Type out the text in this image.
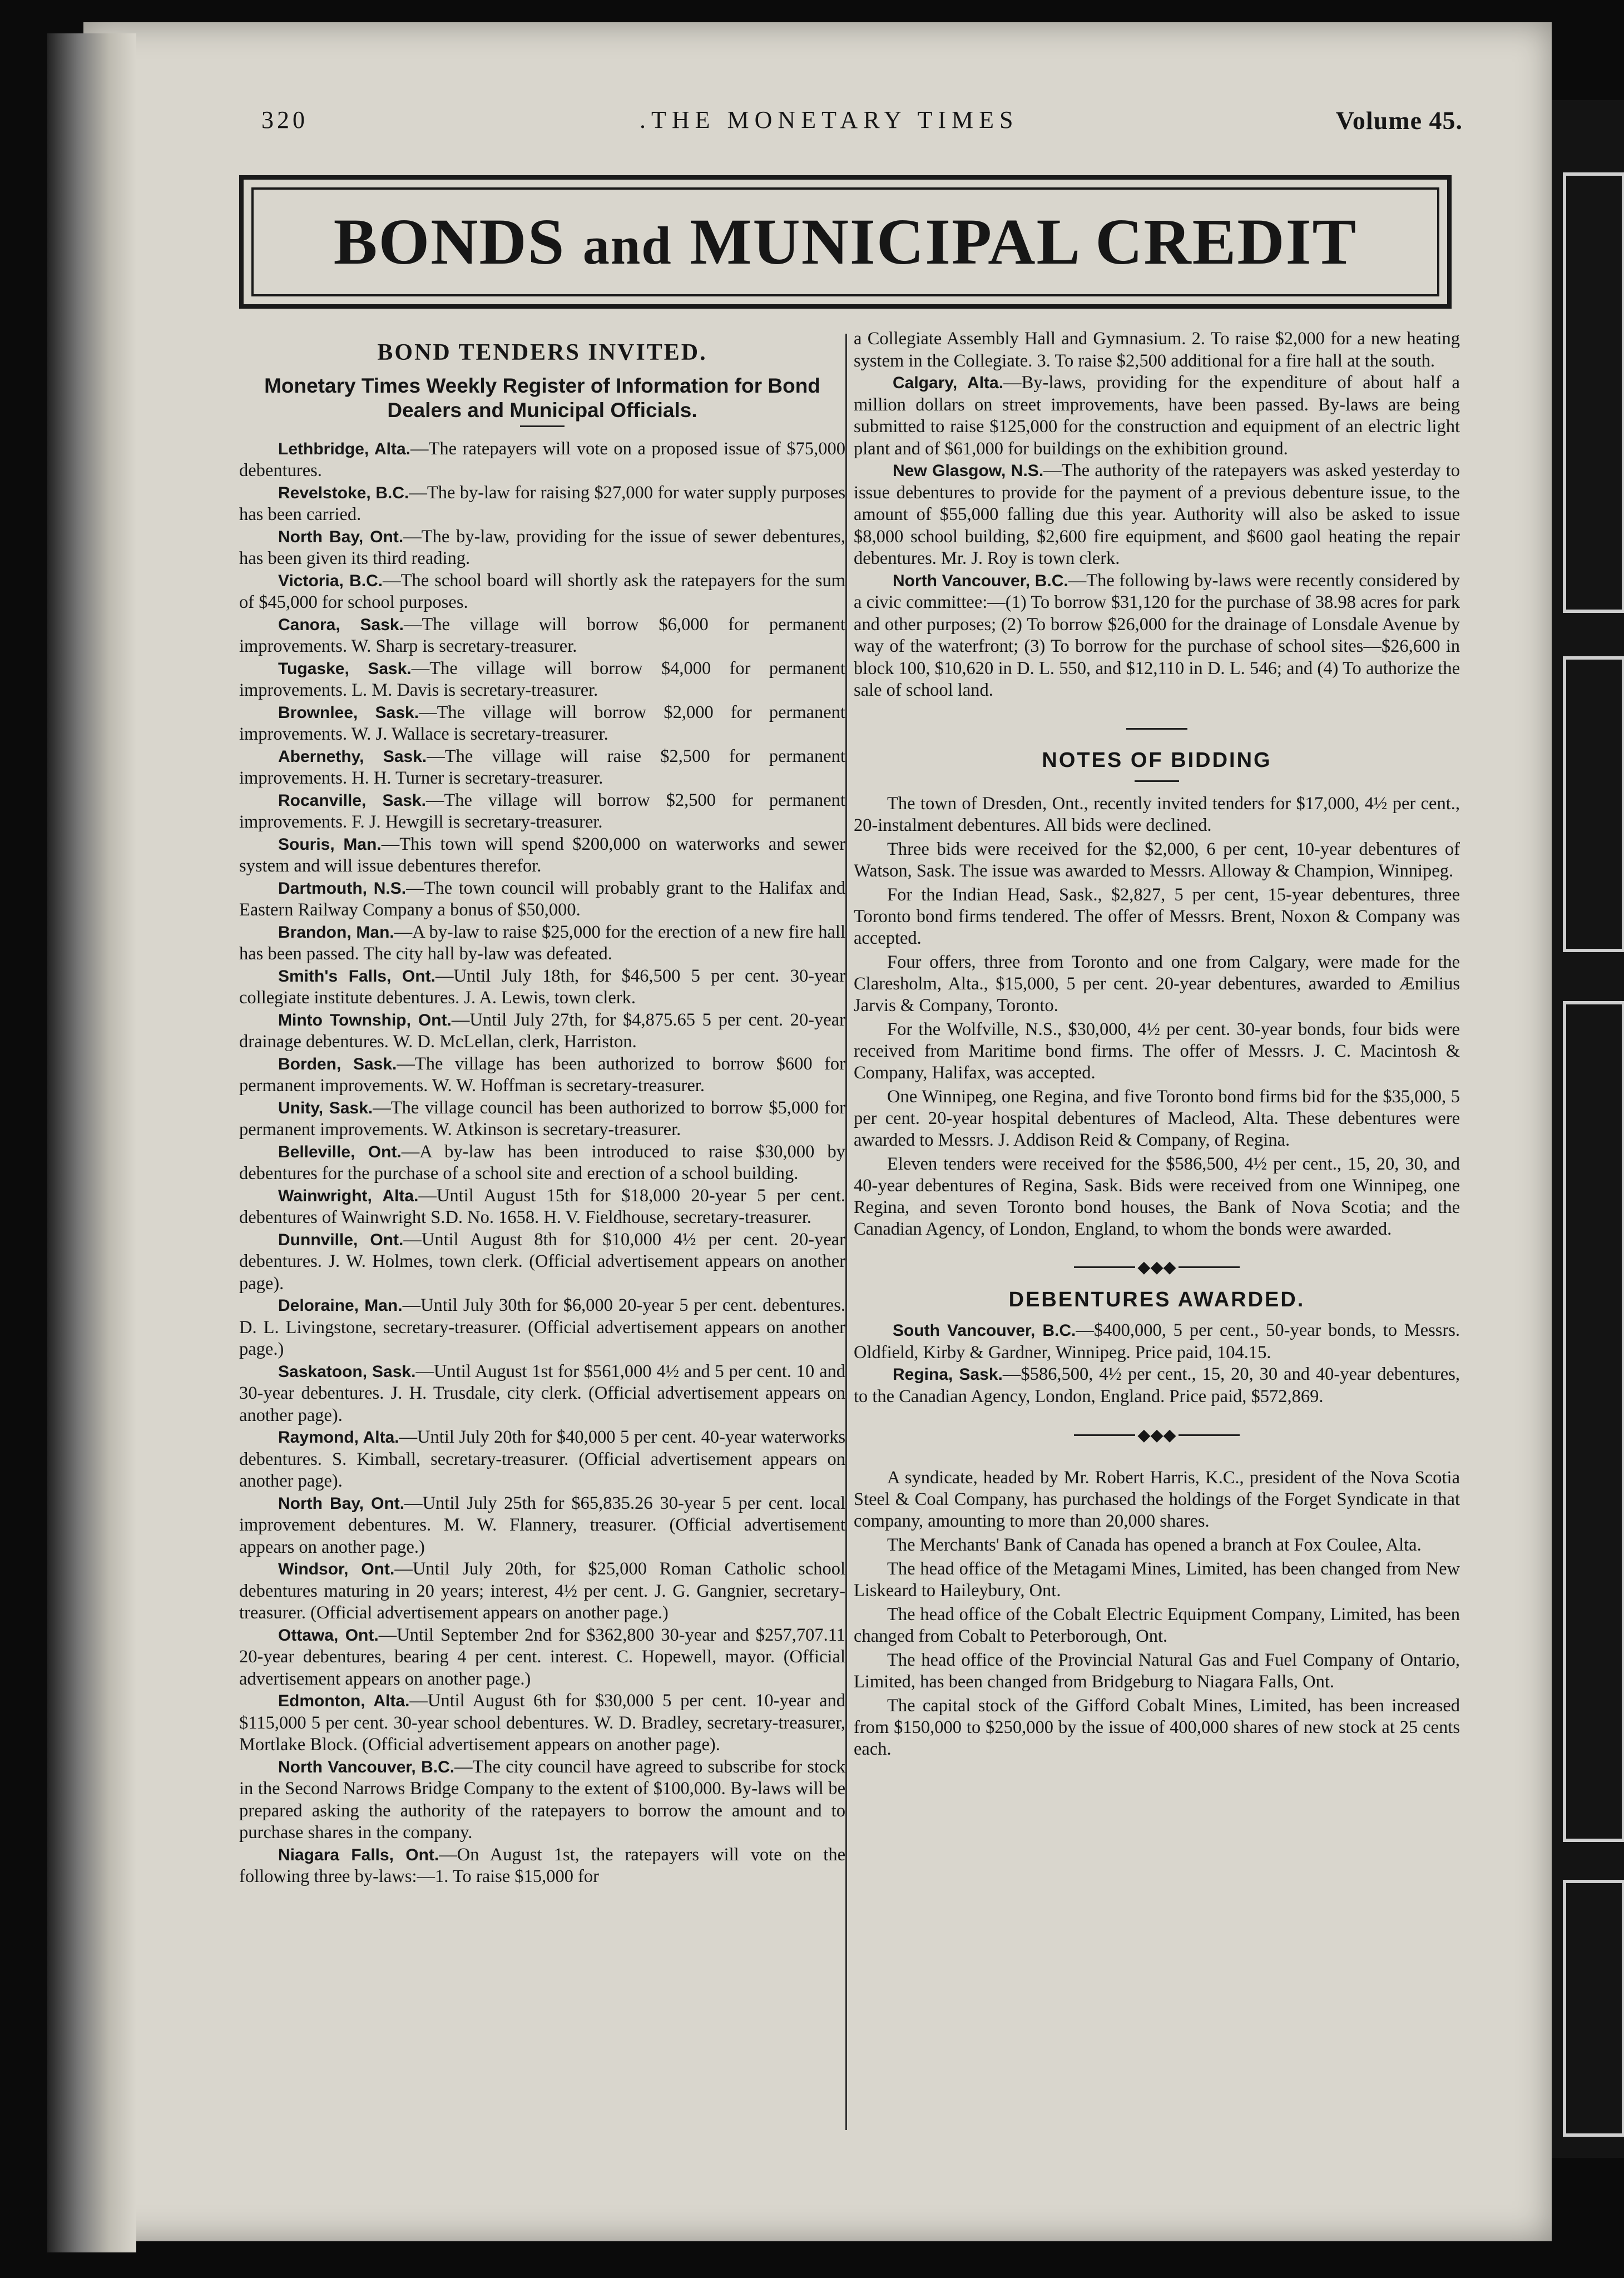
320	.THE MONETARY TIMES	Volume 45.
BONDS and MUNICIPAL CREDIT
BOND TENDERS INVITED.
Monetary Times Weekly Register of Information for Bond Dealers and Municipal Officials.

Lethbridge, Alta.—The ratepayers will vote on a proposed issue of $75,000 debentures.

Revelstoke, B.C.—The by-law for raising $27,000 for water supply purposes has been carried.

North Bay, Ont.—The by-law, providing for the issue of sewer debentures, has been given its third reading.

Victoria, B.C.—The school board will shortly ask the ratepayers for the sum of $45,000 for school purposes.

Canora, Sask.—The village will borrow $6,000 for permanent improvements. W. Sharp is secretary-treasurer.

Tugaske, Sask.—The village will borrow $4,000 for permanent improvements. L. M. Davis is secretary-treasurer.

Brownlee, Sask.—The village will borrow $2,000 for permanent improvements. W. J. Wallace is secretary-treasurer.

Abernethy, Sask.—The village will raise $2,500 for permanent improvements. H. H. Turner is secretary-treasurer.

Rocanville, Sask.—The village will borrow $2,500 for permanent improvements. F. J. Hewgill is secretary-treasurer.

Souris, Man.—This town will spend $200,000 on waterworks and sewer system and will issue debentures therefor.

Dartmouth, N.S.—The town council will probably grant to the Halifax and Eastern Railway Company a bonus of $50,000.

Brandon, Man.—A by-law to raise $25,000 for the erection of a new fire hall has been passed. The city hall by-law was defeated.

Smith's Falls, Ont.—Until July 18th, for $46,500 5 per cent. 30-year collegiate institute debentures. J. A. Lewis, town clerk.

Minto Township, Ont.—Until July 27th, for $4,875.65 5 per cent. 20-year drainage debentures. W. D. McLellan, clerk, Harriston.

Borden, Sask.—The village has been authorized to borrow $600 for permanent improvements. W. W. Hoffman is secretary-treasurer.

Unity, Sask.—The village council has been authorized to borrow $5,000 for permanent improvements. W. Atkinson is secretary-treasurer.

Belleville, Ont.—A by-law has been introduced to raise $30,000 by debentures for the purchase of a school site and erection of a school building.

Wainwright, Alta.—Until August 15th for $18,000 20-year 5 per cent. debentures of Wainwright S.D. No. 1658. H. V. Fieldhouse, secretary-treasurer.

Dunnville, Ont.—Until August 8th for $10,000 4½ per cent. 20-year debentures. J. W. Holmes, town clerk. (Official advertisement appears on another page).

Deloraine, Man.—Until July 30th for $6,000 20-year 5 per cent. debentures. D. L. Livingstone, secretary-treasurer. (Official advertisement appears on another page.)

Saskatoon, Sask.—Until August 1st for $561,000 4½ and 5 per cent. 10 and 30-year debentures. J. H. Trusdale, city clerk. (Official advertisement appears on another page).

Raymond, Alta.—Until July 20th for $40,000 5 per cent. 40-year waterworks debentures. S. Kimball, secretary-treasurer. (Official advertisement appears on another page).

North Bay, Ont.—Until July 25th for $65,835.26 30-year 5 per cent. local improvement debentures. M. W. Flannery, treasurer. (Official advertisement appears on another page.)

Windsor, Ont.—Until July 20th, for $25,000 Roman Catholic school debentures maturing in 20 years; interest, 4½ per cent. J. G. Gangnier, secretary-treasurer. (Official advertisement appears on another page.)

Ottawa, Ont.—Until September 2nd for $362,800 30-year and $257,707.11 20-year debentures, bearing 4 per cent. interest. C. Hopewell, mayor. (Official advertisement appears on another page.)

Edmonton, Alta.—Until August 6th for $30,000 5 per cent. 10-year and $115,000 5 per cent. 30-year school debentures. W. D. Bradley, secretary-treasurer, Mortlake Block. (Official advertisement appears on another page).

North Vancouver, B.C.—The city council have agreed to subscribe for stock in the Second Narrows Bridge Company to the extent of $100,000. By-laws will be prepared asking the authority of the ratepayers to borrow the amount and to purchase shares in the company.

Niagara Falls, Ont.—On August 1st, the ratepayers will vote on the following three by-laws:—1. To raise $15,000 for

a Collegiate Assembly Hall and Gymnasium. 2. To raise $2,000 for a new heating system in the Collegiate. 3. To raise $2,500 additional for a fire hall at the south.

Calgary, Alta.—By-laws, providing for the expenditure of about half a million dollars on street improvements, have been passed. By-laws are being submitted to raise $125,000 for the construction and equipment of an electric light plant and of $61,000 for buildings on the exhibition ground.

New Glasgow, N.S.—The authority of the ratepayers was asked yesterday to issue debentures to provide for the payment of a previous debenture issue, to the amount of $55,000 falling due this year. Authority will also be asked to issue $8,000 school building, $2,600 fire equipment, and $600 gaol heating the repair debentures. Mr. J. Roy is town clerk.

North Vancouver, B.C.—The following by-laws were recently considered by a civic committee:—(1) To borrow $31,120 for the purchase of 38.98 acres for park and other purposes; (2) To borrow $26,000 for the drainage of Lonsdale Avenue by way of the waterfront; (3) To borrow for the purchase of school sites—$26,600 in block 100, $10,620 in D. L. 550, and $12,110 in D. L. 546; and (4) To authorize the sale of school land.

NOTES OF BIDDING

The town of Dresden, Ont., recently invited tenders for $17,000, 4½ per cent., 20-instalment debentures. All bids were declined.

Three bids were received for the $2,000, 6 per cent, 10-year debentures of Watson, Sask. The issue was awarded to Messrs. Alloway & Champion, Winnipeg.

For the Indian Head, Sask., $2,827, 5 per cent, 15-year debentures, three Toronto bond firms tendered. The offer of Messrs. Brent, Noxon & Company was accepted.

Four offers, three from Toronto and one from Calgary, were made for the Claresholm, Alta., $15,000, 5 per cent. 20-year debentures, awarded to Æmilius Jarvis & Company, Toronto.

For the Wolfville, N.S., $30,000, 4½ per cent. 30-year bonds, four bids were received from Maritime bond firms. The offer of Messrs. J. C. Macintosh & Company, Halifax, was accepted.

One Winnipeg, one Regina, and five Toronto bond firms bid for the $35,000, 5 per cent. 20-year hospital debentures of Macleod, Alta. These debentures were awarded to Messrs. J. Addison Reid & Company, of Regina.

Eleven tenders were received for the $586,500, 4½ per cent., 15, 20, 30, and 40-year debentures of Regina, Sask. Bids were received from one Winnipeg, one Regina, and seven Toronto bond houses, the Bank of Nova Scotia; and the Canadian Agency, of London, England, to whom the bonds were awarded.

◆◆◆
DEBENTURES AWARDED.

South Vancouver, B.C.—$400,000, 5 per cent., 50-year bonds, to Messrs. Oldfield, Kirby & Gardner, Winnipeg. Price paid, 104.15.

Regina, Sask.—$586,500, 4½ per cent., 15, 20, 30 and 40-year debentures, to the Canadian Agency, London, England. Price paid, $572,869.

◆◆◆

A syndicate, headed by Mr. Robert Harris, K.C., president of the Nova Scotia Steel & Coal Company, has purchased the holdings of the Forget Syndicate in that company, amounting to more than 20,000 shares.

The Merchants' Bank of Canada has opened a branch at Fox Coulee, Alta.

The head office of the Metagami Mines, Limited, has been changed from New Liskeard to Haileybury, Ont.

The head office of the Cobalt Electric Equipment Company, Limited, has been changed from Cobalt to Peterborough, Ont.

The head office of the Provincial Natural Gas and Fuel Company of Ontario, Limited, has been changed from Bridgeburg to Niagara Falls, Ont.

The capital stock of the Gifford Cobalt Mines, Limited, has been increased from $150,000 to $250,000 by the issue of 400,000 shares of new stock at 25 cents each.
